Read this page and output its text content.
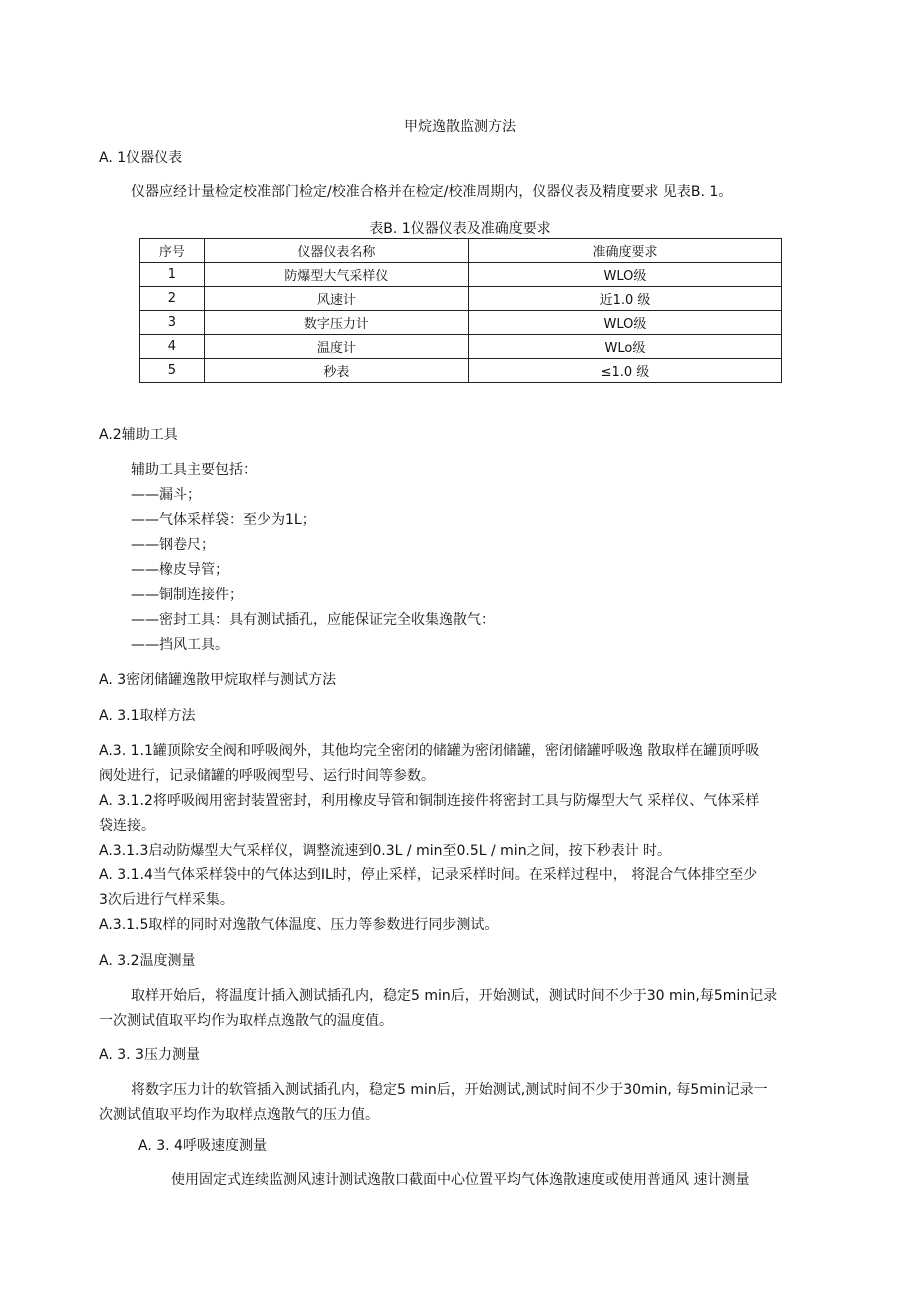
甲烷逸散监测方法
A. 1仪器仪表
仪器应经计量检定校准部门检定/校准合格并在检定/校准周期内，仪器仪表及精度要求 见表B. 1。
表B. 1仪器仪表及准确度要求
序号	仪器仪表名称	准确度要求
1	防爆型大气采样仪	WLO级
2	风速计	近1.0 级
3	数字压力计	WLO级
4	温度计	WLo级
5	秒表	≤1.0 级
A.2辅助工具
辅助工具主要包括：
——漏斗；
——气体采样袋：至少为1L；
——钢卷尺；
——橡皮导管；
——铜制连接件；
——密封工具：具有测试插孔，应能保证完全收集逸散气：
——挡风工具。
A. 3密闭储罐逸散甲烷取样与测试方法
A. 3.1取样方法
A.3. 1.1罐顶除安全阀和呼吸阀外，其他均完全密闭的储罐为密闭储罐，密闭储罐呼吸逸 散取样在罐顶呼吸
阀处进行，记录储罐的呼吸阀型号、运行时间等参数。
A. 3.1.2将呼吸阀用密封装置密封，利用橡皮导管和铜制连接件将密封工具与防爆型大气 采样仪、气体采样
袋连接。
A.3.1.3启动防爆型大气采样仪，调整流速到0.3L / min至0.5L / min之间，按下秒表计 时。
A. 3.1.4当气体采样袋中的气体达到IL时，停止采样，记录采样时间。在采样过程中， 将混合气体排空至少
3次后进行气样采集。
A.3.1.5取样的同时对逸散气体温度、压力等参数进行同步测试。
A. 3.2温度测量
取样开始后，将温度计插入测试插孔内，稳定5 min后，开始测试，测试时间不少于30 min,每5min记录
一次测试值取平均作为取样点逸散气的温度值。
A. 3. 3压力测量
将数字压力计的软管插入测试插孔内，稳定5 min后，开始测试,测试时间不少于30min, 每5min记录一
次测试值取平均作为取样点逸散气的压力值。
A. 3. 4呼吸速度测量
使用固定式连续监测风速计测试逸散口截面中心位置平均气体逸散速度或使用普通风 速计测量
